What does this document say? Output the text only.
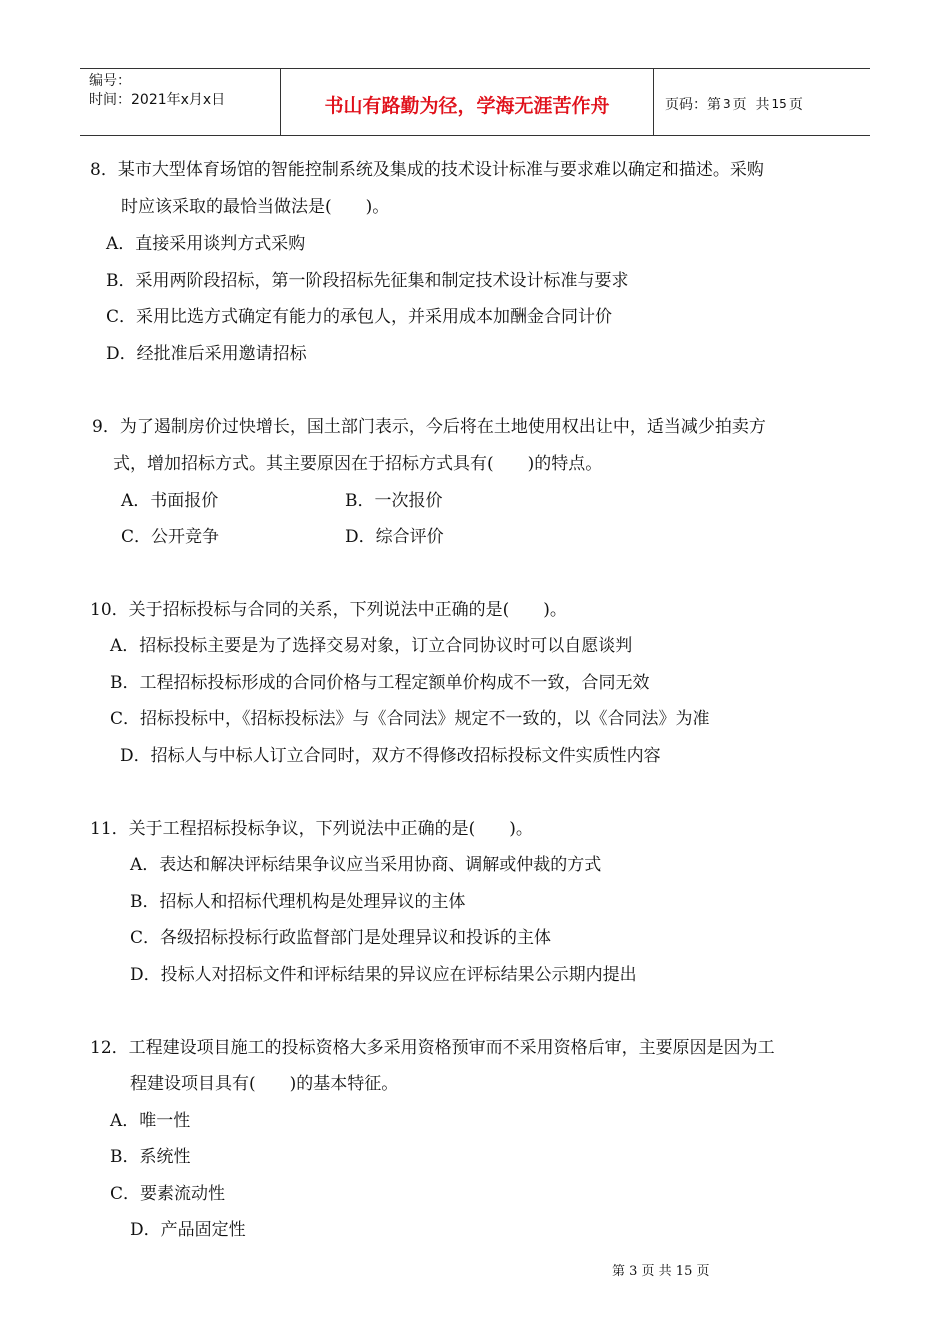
编号：
时间：2021年x月x日	书山有路勤为径，学海无涯苦作舟	页码：第 3 页  共 15 页
8．某市大型体育场馆的智能控制系统及集成的技术设计标准与要求难以确定和描述。采购
时应该采取的最恰当做法是(　　)。
A．直接采用谈判方式采购
B．采用两阶段招标，第一阶段招标先征集和制定技术设计标准与要求
C．采用比选方式确定有能力的承包人，并采用成本加酬金合同计价
D．经批准后采用邀请招标
9．为了遏制房价过快增长，国土部门表示，今后将在土地使用权出让中，适当减少拍卖方
式，增加招标方式。其主要原因在于招标方式具有(　　)的特点。
A．书面报价	B．一次报价
C．公开竞争	D．综合评价
10．关于招标投标与合同的关系，下列说法中正确的是(　　)。
A．招标投标主要是为了选择交易对象，订立合同协议时可以自愿谈判
B．工程招标投标形成的合同价格与工程定额单价构成不一致，合同无效
C．招标投标中，《招标投标法》与《合同法》规定不一致的，以《合同法》为准
D．招标人与中标人订立合同时，双方不得修改招标投标文件实质性内容
11．关于工程招标投标争议，下列说法中正确的是(　　)。
A．表达和解决评标结果争议应当采用协商、调解或仲裁的方式
B．招标人和招标代理机构是处理异议的主体
C．各级招标投标行政监督部门是处理异议和投诉的主体
D．投标人对招标文件和评标结果的异议应在评标结果公示期内提出
12．工程建设项目施工的投标资格大多采用资格预审而不采用资格后审，主要原因是因为工
程建设项目具有(　　)的基本特征。
A．唯一性
B．系统性
C．要素流动性
D．产品固定性
第 3 页 共 15 页
